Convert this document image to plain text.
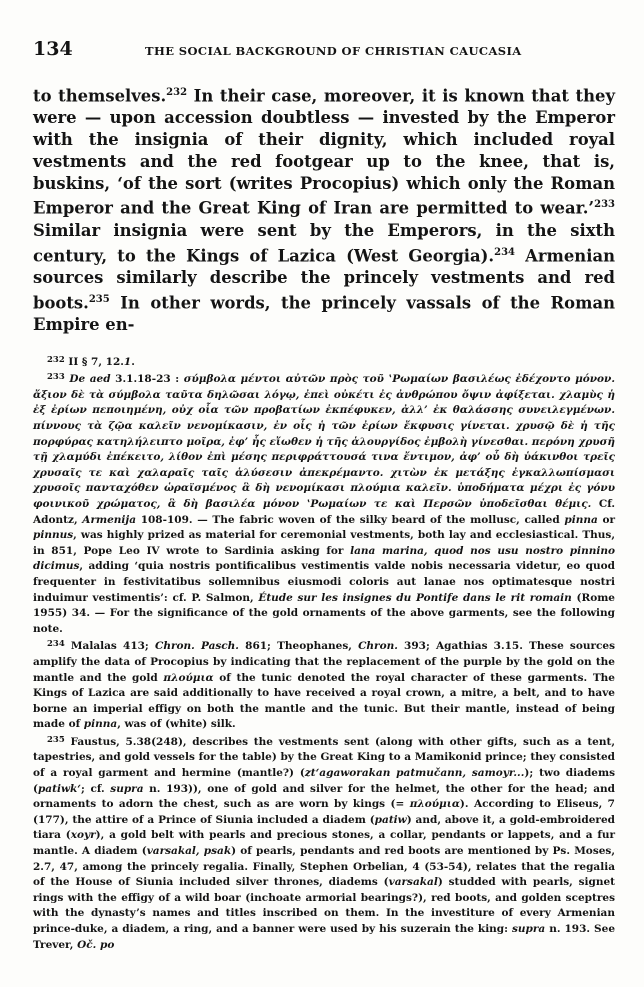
134	THE SOCIAL BACKGROUND OF CHRISTIAN CAUCASIA

to themselves.$^{232}$ In their case, moreover, it is known that they were — upon accession doubtless — invested by the Emperor with the insignia of their dignity, which included royal vestments and the red footgear up to the knee, that is, buskins, ‘of the sort (writes Procopius) which only the Roman Emperor and the Great King of Iran are permitted to wear.’$^{233}$ Similar insignia were sent by the Emperors, in the sixth century, to the Kings of Lazica (West Georgia).$^{234}$ Armenian sources similarly describe the princely vestments and red boots.$^{235}$ In other words, the princely vassals of the Roman Empire en-

$^{232}$ II § 7, 12.1.

$^{233}$ De aed 3.1.18-23 : σύμβολα μέντοι αὐτῶν πρὸς τοῦ ʽΡωμαίων βασιλέως ἐδέχοντο μόνον. ἄξιον δὲ τὰ σύμβολα ταῦτα δηλῶσαι λόγῳ, ἐπεὶ οὐκέτι ἐς ἀνθρώπου ὄψιν ἀφίξεται. χλαμὺς ἡ ἐξ ἐρίων πεποιημένη, οὐχ οἷα τῶν προβατίων ἐκπέφυκεν, ἀλλ’ ἐκ θαλάσσης συνειλεγμένων. πίννους τὰ ζῷα καλεῖν νενομίκασιν, ἐν οἷς ἡ τῶν ἐρίων ἔκφυσις γίνεται. χρυσῷ δὲ ἡ τῆς πορφύρας κατηλήλειπτο μοῖρα, ἐφ’ ἧς εἴωθεν ἡ τῆς ἁλουργίδος ἐμβολὴ γίνεσθαι. περόνη χρυσῆ τῇ χλαμύδι ἐπέκειτο, λίθον ἐπὶ μέσης περιφράττουσά τινα ἔντιμον, ἀφ’ οὗ δὴ ὑάκινθοι τρεῖς χρυσαῖς τε καὶ χαλαραῖς ταῖς ἁλύσεσιν ἀπεκρέμαντο. χιτὼν ἐκ μετάξης ἐγκαλλωπίσμασι χρυσοῖς πανταχόθεν ὡραϊσμένος ἃ δὴ νενομίκασι πλούμια καλεῖν. ὑποδήματα μέχρι ἐς γόνυ φοινικοῦ χρώματος, ἃ δὴ βασιλέα μόνον ʽΡωμαίων τε καὶ Περσῶν ὑποδεῖσθαι θέμις. Cf. Adontz, Armenija 108-109. — The fabric woven of the silky beard of the mollusc, called pinna or pinnus, was highly prized as material for ceremonial vestments, both lay and ecclesiastical. Thus, in 851, Pope Leo IV wrote to Sardinia asking for lana marina, quod nos usu nostro pinnino dicimus, adding ‘quia nostris pontificalibus vestimentis valde nobis necessaria videtur, eo quod frequenter in festivitatibus sollemnibus eiusmodi coloris aut lanae nos optimatesque nostri induimur vestimentis’: cf. P. Salmon, Étude sur les insignes du Pontife dans le rit romain (Rome 1955) 34. — For the significance of the gold ornaments of the above garments, see the following note.

$^{234}$ Malalas 413; Chron. Pasch. 861; Theophanes, Chron. 393; Agathias 3.15. These sources amplify the data of Procopius by indicating that the replacement of the purple by the gold on the mantle and the gold πλούμια of the tunic denoted the royal character of these garments. The Kings of Lazica are said additionally to have received a royal crown, a mitre, a belt, and to have borne an imperial effigy on both the mantle and the tunic. But their mantle, instead of being made of pinna, was of (white) silk.

$^{235}$ Faustus, 5.38(248), describes the vestments sent (along with other gifts, such as a tent, tapestries, and gold vessels for the table) by the Great King to a Mamikonid prince; they consisted of a royal garment and hermine (mantle?) (zt‘agaworakan patmučann, samoyr...); two diadems (patiwk‘; cf. supra n. 193)), one of gold and silver for the helmet, the other for the head; and ornaments to adorn the chest, such as are worn by kings (= πλούμια). According to Eliseus, 7 (177), the attire of a Prince of Siunia included a diadem (patiw) and, above it, a gold-embroidered tiara (xoyr), a gold belt with pearls and precious stones, a collar, pendants or lappets, and a fur mantle. A diadem (varsakal, psak) of pearls, pendants and red boots are mentioned by Ps. Moses, 2.7, 47, among the princely regalia. Finally, Stephen Orbelian, 4 (53-54), relates that the regalia of the House of Siunia included silver thrones, diadems (varsakal) studded with pearls, signet rings with the effigy of a wild boar (inchoate armorial bearings?), red boots, and golden sceptres with the dynasty’s names and titles inscribed on them. In the investiture of every Armenian prince-duke, a diadem, a ring, and a banner were used by his suzerain the king: supra n. 193. See Trever, Oč. po
